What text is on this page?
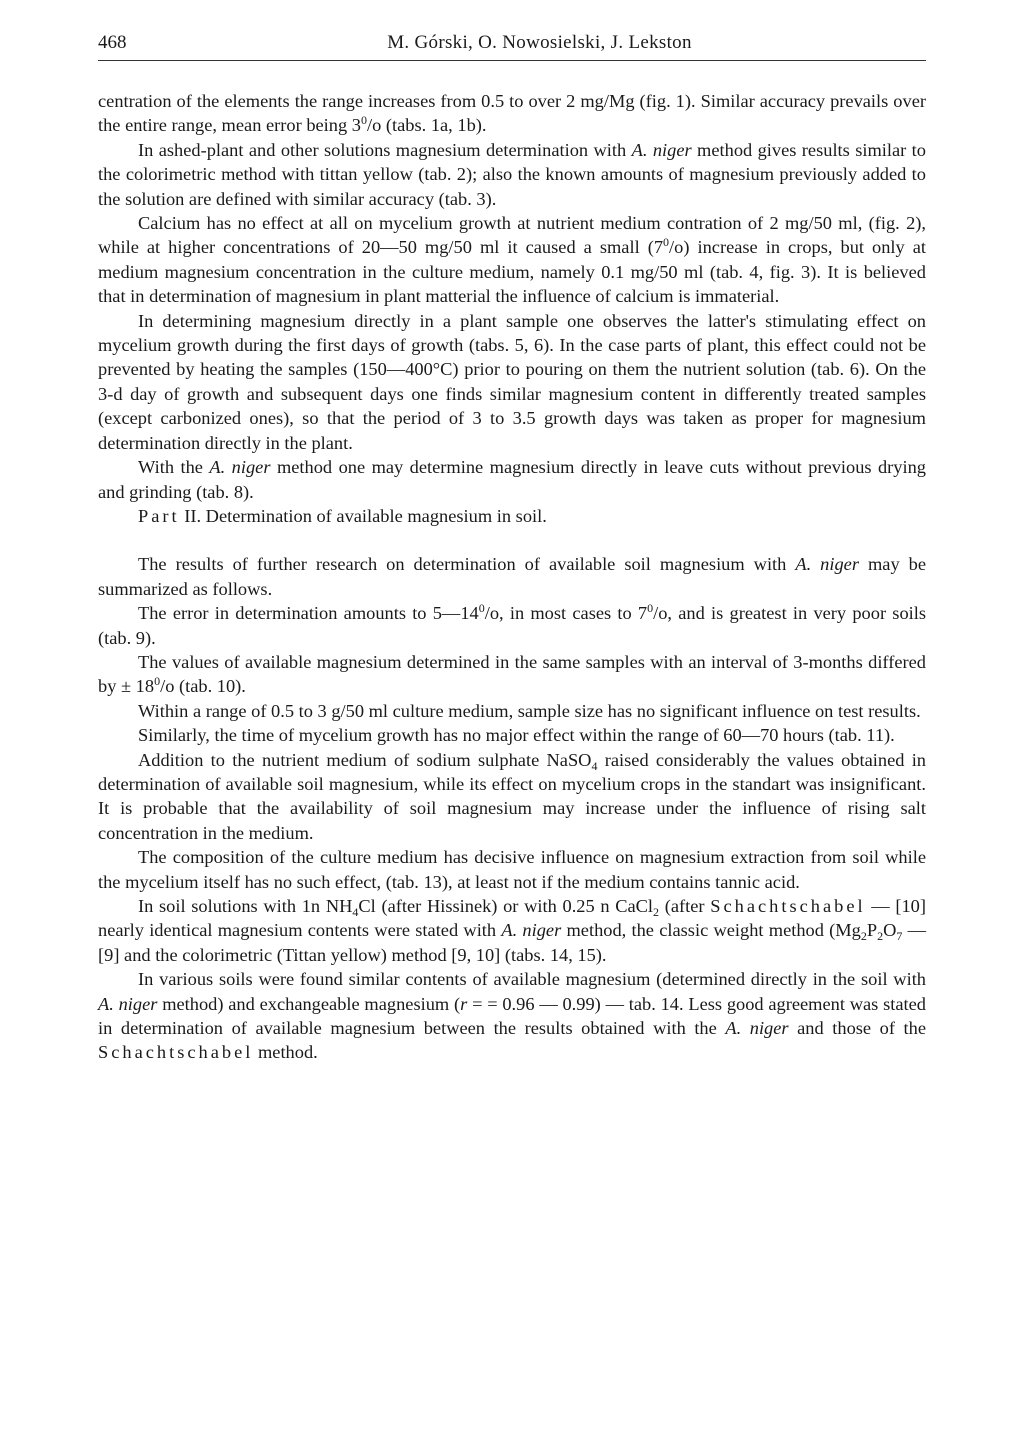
468	M. Górski, O. Nowosielski, J. Lekston

centration of the elements the range increases from 0.5 to over 2 mg/Mg (fig. 1). Similar accuracy prevails over the entire range, mean error being $3^0/o$ (tabs. 1a, 1b).

In ashed-plant and other solutions magnesium determination with A. niger method gives results similar to the colorimetric method with tittan yellow (tab. 2); also the known amounts of magnesium previously added to the solution are defined with similar accuracy (tab. 3).

Calcium has no effect at all on mycelium growth at nutrient medium contration of 2 mg/50 ml, (fig. 2), while at higher concentrations of 20—50 mg/50 ml it caused a small $(7^0/o)$ increase in crops, but only at medium magnesium concentration in the culture medium, namely 0.1 mg/50 ml (tab. 4, fig. 3). It is believed that in determination of magnesium in plant matterial the influence of calcium is immaterial.

In determining magnesium directly in a plant sample one observes the latter's stimulating effect on mycelium growth during the first days of growth (tabs. 5, 6). In the case parts of plant, this effect could not be prevented by heating the samples (150—400°C) prior to pouring on them the nutrient solution (tab. 6). On the 3-d day of growth and subsequent days one finds similar magnesium content in differently treated samples (except carbonized ones), so that the period of 3 to 3.5 growth days was taken as proper for magnesium determination directly in the plant.

With the A. niger method one may determine magnesium directly in leave cuts without previous drying and grinding (tab. 8).

Part II. Determination of available magnesium in soil.

The results of further research on determination of available soil magnesium with A. niger may be summarized as follows.

The error in determination amounts to $5—14^0/o$, in most cases to $7^0/o$, and is greatest in very poor soils (tab. 9).

The values of available magnesium determined in the same samples with an interval of 3-months differed by ± $18^0/o$ (tab. 10).

Within a range of 0.5 to 3 g/50 ml culture medium, sample size has no significant influence on test results.

Similarly, the time of mycelium growth has no major effect within the range of 60—70 hours (tab. 11).

Addition to the nutrient medium of sodium sulphate NaSO$_4$ raised considerably the values obtained in determination of available soil magnesium, while its effect on mycelium crops in the standart was insignificant. It is probable that the availability of soil magnesium may increase under the influence of rising salt concentration in the medium.

The composition of the culture medium has decisive influence on magnesium extraction from soil while the mycelium itself has no such effect, (tab. 13), at least not if the medium contains tannic acid.

In soil solutions with 1n $NH_4Cl$ (after Hissinek) or with 0.25 n CaCl$_2$ (after Schachtschabel — [10] nearly identical magnesium contents were stated with A. niger method, the classic weight method ($Mg_2P_2O_7$ — [9] and the colorimetric (Tittan yellow) method [9, 10] (tabs. 14, 15).

In various soils were found similar contents of available magnesium (determined directly in the soil with A. niger method) and exchangeable magnesium (r = = 0.96 — 0.99) — tab. 14. Less good agreement was stated in determination of available magnesium between the results obtained with the A. niger and those of the Schachtschabel method.
